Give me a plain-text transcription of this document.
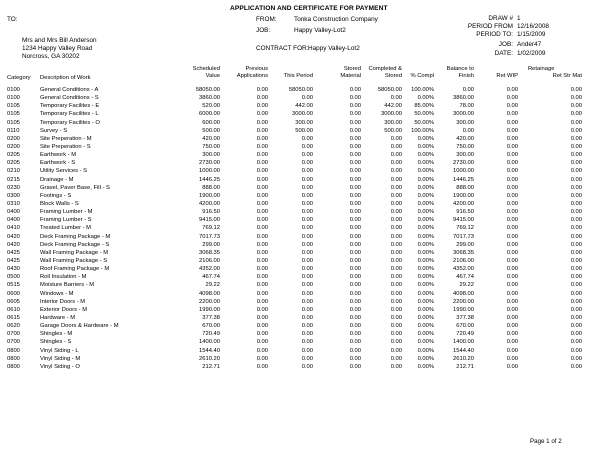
APPLICATION AND CERTIFICATE FOR PAYMENT
TO:
Mrs and Mrs Bill Anderson
1234 Happy Valley Road
Norcross, GA 30202
FROM:	Tonka Construction Company
JOB:	Happy Valley-Lot2
CONTRACT FOR: Happy Valley-Lot2
DRAW # 1
PERIOD FROM 12/16/2008
PERIOD TO: 1/15/2009
JOB: Ander47
DATE: 1/02/2009
Category Description of Work
Scheduled
Value
Previous
Applications	This Period
Stored
Material
Completed &
Stored	% Compl
Balance to
Finish
Retainage
Ret WIP	Ret Str Mat
0100	General Conditions - A	58050.00	0.00	58050.00	0.00	58050.00 100.00%	0.00	0.00	0.00
0100	General Conditions - S	3860.00	0.00	0.00	0.00	0.00	0.00%	3860.00	0.00	0.00
0105	Temporary Facilites - E	520.00	0.00	442.00	0.00	442.00 85.00%	78.00	0.00	0.00
0105	Temporary Facilites - L	6000.00	0.00	3000.00	0.00	3000.00 50.00%	3000.00	0.00	0.00
0105	Temporary Facilites - O	600.00	0.00	300.00	0.00	300.00 50.00%	300.00	0.00	0.00
0110	Survey - S	500.00	0.00	500.00	0.00	500.00 100.00%	0.00	0.00	0.00
0200	Site Preperation - M	420.00	0.00	0.00	0.00	0.00	0.00%	420.00	0.00	0.00
0200	Site Preperation - S	750.00	0.00	0.00	0.00	0.00	0.00%	750.00	0.00	0.00
0205	Earthwork - M	300.00	0.00	0.00	0.00	0.00	0.00%	300.00	0.00	0.00
0205	Earthwork - S	2730.00	0.00	0.00	0.00	0.00	0.00%	2730.00	0.00	0.00
0210	Utility Services - S	1000.00	0.00	0.00	0.00	0.00	0.00%	1000.00	0.00	0.00
0215	Drainage - M	1446.25	0.00	0.00	0.00	0.00	0.00%	1446.25	0.00	0.00
0230	Gravel, Paver Base, Fill - S	888.00	0.00	0.00	0.00	0.00	0.00%	888.00	0.00	0.00
0300	Footings - S	1900.00	0.00	0.00	0.00	0.00	0.00%	1900.00	0.00	0.00
0310	Block Walls - S	4200.00	0.00	0.00	0.00	0.00	0.00%	4200.00	0.00	0.00
0400	Framing Lumber - M	916.50	0.00	0.00	0.00	0.00	0.00%	916.50	0.00	0.00
0400	Framing Lumber - S	9415.00	0.00	0.00	0.00	0.00	0.00%	9415.00	0.00	0.00
0410	Treated Lumber - M	769.12	0.00	0.00	0.00	0.00	0.00%	769.12	0.00	0.00
0420	Deck Framing Package - M	7017.73	0.00	0.00	0.00	0.00	0.00%	7017.73	0.00	0.00
0420	Deck Framing Package - S	299.00	0.00	0.00	0.00	0.00	0.00%	299.00	0.00	0.00
0425	Wall Framing Package - M	3068.35	0.00	0.00	0.00	0.00	0.00%	3068.35	0.00	0.00
0425	Wall Framing Package - S	2106.00	0.00	0.00	0.00	0.00	0.00%	2106.00	0.00	0.00
0430	Roof Framing Package - M	4352.00	0.00	0.00	0.00	0.00	0.00%	4352.00	0.00	0.00
0500	Roll Insulation - M	467.74	0.00	0.00	0.00	0.00	0.00%	467.74	0.00	0.00
0515	Moisture Barriers - M	29.22	0.00	0.00	0.00	0.00	0.00%	29.22	0.00	0.00
0600	Windows - M	4098.00	0.00	0.00	0.00	0.00	0.00%	4098.00	0.00	0.00
0605	Interior Doors - M	2200.00	0.00	0.00	0.00	0.00	0.00%	2200.00	0.00	0.00
0610	Exterior Doors - M	1990.00	0.00	0.00	0.00	0.00	0.00%	1990.00	0.00	0.00
0615	Hardware - M	377.38	0.00	0.00	0.00	0.00	0.00%	377.38	0.00	0.00
0620	Garage Doors & Hardware - M	670.00	0.00	0.00	0.00	0.00	0.00%	670.00	0.00	0.00
0700	Shingles - M	720.49	0.00	0.00	0.00	0.00	0.00%	720.49	0.00	0.00
0700	Shingles - S	1400.00	0.00	0.00	0.00	0.00	0.00%	1400.00	0.00	0.00
0800	Vinyl Siding - L	1544.40	0.00	0.00	0.00	0.00	0.00%	1544.40	0.00	0.00
0800	Vinyl Siding - M	2610.20	0.00	0.00	0.00	0.00	0.00%	2610.20	0.00	0.00
0800	Vinyl Siding - O	212.71	0.00	0.00	0.00	0.00	0.00%	212.71	0.00	0.00
Page 1 of 2
